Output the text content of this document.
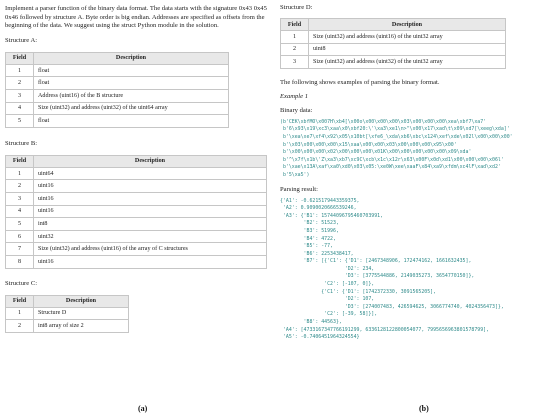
Implement a parser function of the binary data format. The data starts with the signature 0x43 0x45 0x46 followed by structure A. Byte order is big endian. Addresses are specified as offsets from the beginning of the data. We suggest using the struct Python module in the solution.

Structure A:

Field	Description
1	float
2	float
3	Address (uint16) of the B structure
4	Size (uint32) and address (uint32) of the uint64 array
5	float

Structure B:

Field	Description
1	uint64
2	uint16
3	uint16
4	uint16
5	int8
6	uint32
7	Size (uint32) and address (uint16) of the array of C structures
8	uint16

Structure C:

Field	Description
1	Structure D
2	int8 array of size 2
(a)

Structure D:

Field	Description
1	Size (uint32) and address (uint16) of the uint32 array
2	uint8
3	Size (uint32) and address (uint32) of the uint32 array

The following shows examples of parsing the binary format.

Example 1

Binary data:

(b'CEK\xbfMO\x007H\xb4[\x00o\x00\x00\x00\x03\x00\x00\x00\xea\xbf7\xa7'
b'6\x93\x19\xc3\xaa\x0\xbf20:\'\xa3\xe1\n>"\x00\x17\xad\t\x09\xd7[\xeeg\xda]'
b'\xea\xe7\xf4\x92\x05\x10bt[\xfe6_\xda\xb6\xbc\x124\xef\xde\x02l\x00\x00\x00'
b'\x03\x00\x00\x00\x15\xaa\x00\x00\x03\x00\x00\x00\x95\x00'
b'\x00\x00\x00\x02\x00\x00\x00\x01K\x00\x00\x00\x00\x00\x09\xda'
b'^\x7f\x1b\'Z\xa3\xb7\xc9C\xcb\x1c\x12r\x63\x00F\x0d\xd1\x00\x00\x00\x06l'
b'\xae\x13A\xaf\xa0\xd0\x03\x05:\xe0W\xee\xaaF\x84\xa9\xfdm\xc4lF\xad\xd2'
b'5\xa5')

Parsing result:

{'A1': -0.6215179443359375,
'A2': 0.9090020666539246,
'A3': {'B1': 15744096795460703991,
'B2': 51523,
'B3': 51996,
'B4': 4722,
'B5': -77,
'B6': 2253438417,
'B7': [{'C1': {'D1': [2467348906, 172474162, 1661632435],
'D2': 234,
'D3': [3775544886, 2149035273, 3654770150]},
'C2': [-107, 0]},
{'C1': {'D1': [1742372330, 3091565205],
'D2': 107,
'D3': [274007483, 426594625, 3066774740, 4024356473]},
'C2': [-39, 58]}],
'B8': 44563},
'A4': [4733167347766191299, 6336128122800054077, 7995656963801578799],
'A5': -0.7406451964324554}
(b)
